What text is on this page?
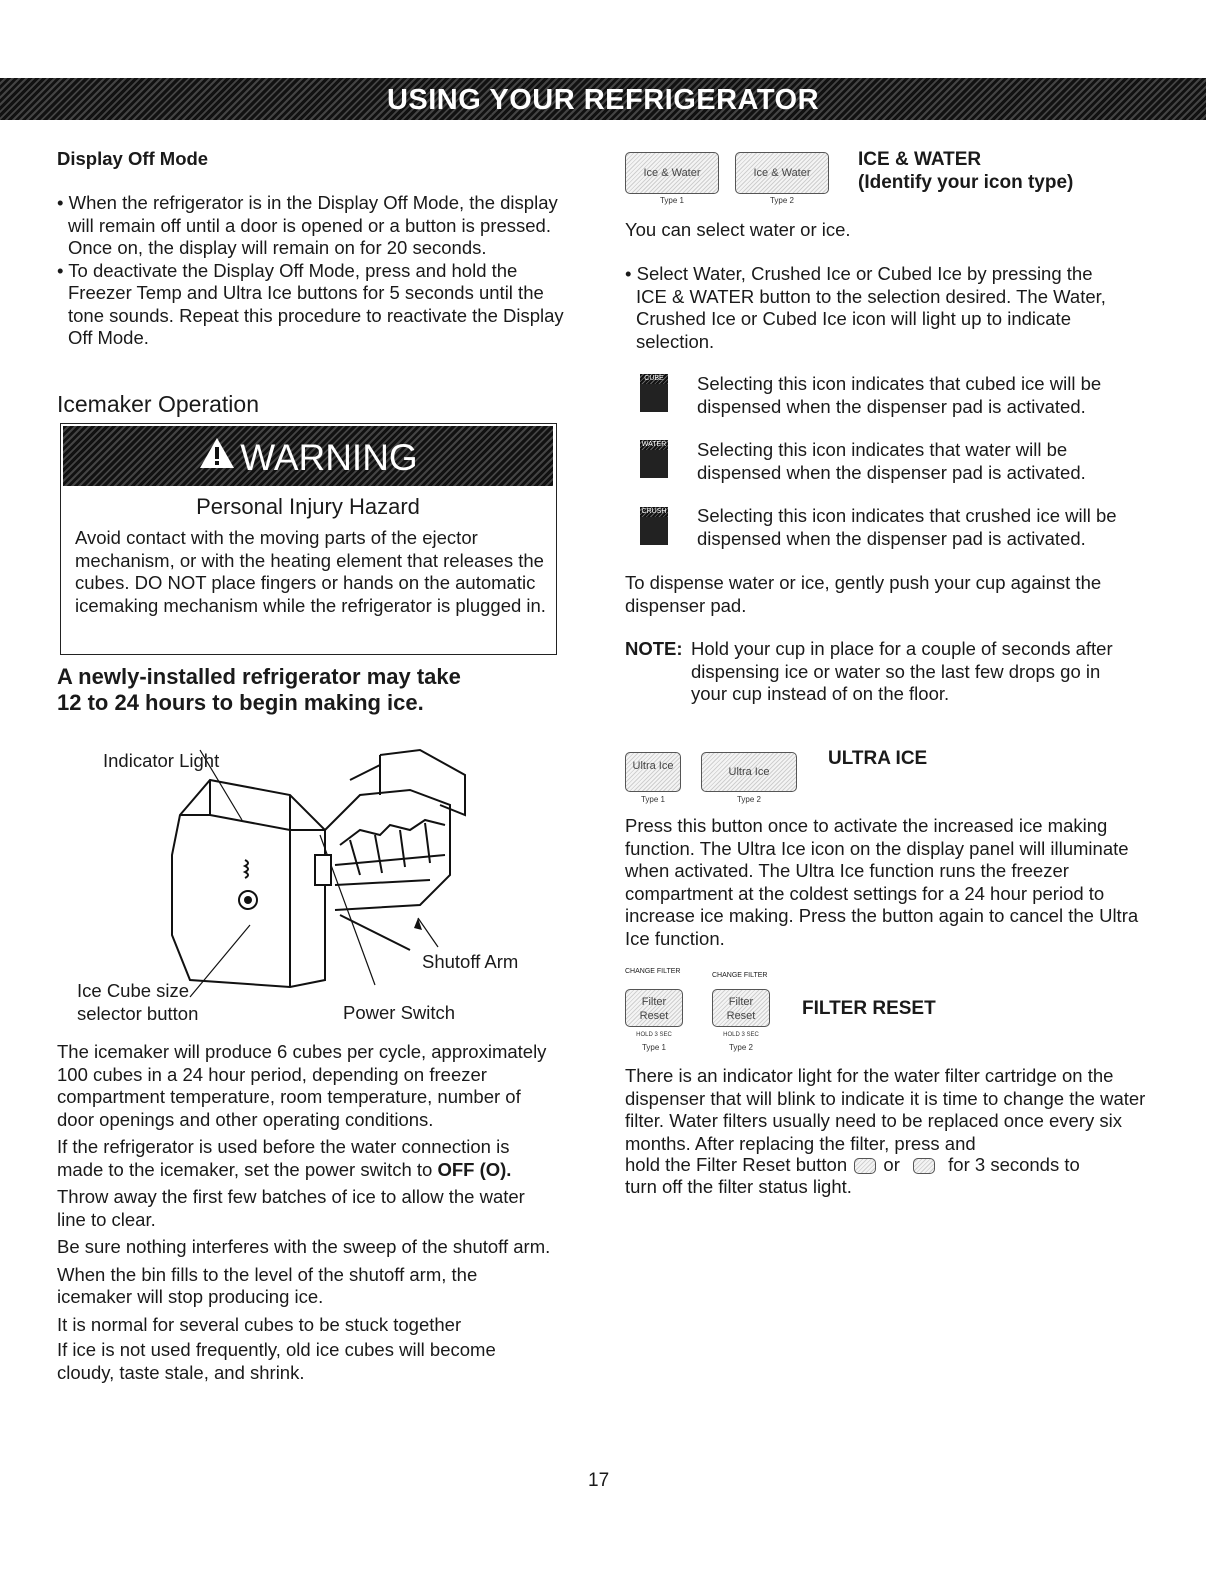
USING YOUR REFRIGERATOR
Display Off Mode
• When the refrigerator is in the Display Off Mode, the display will remain off until a door is opened or a button is pressed. Once on, the display will remain on for 20 seconds.
• To deactivate the Display Off Mode, press and hold the Freezer Temp and Ultra Ice buttons for 5 seconds until the tone sounds. Repeat this procedure to reactivate the Display Off Mode.
Icemaker Operation
WARNING
Personal Injury Hazard
Avoid contact with the moving parts of the ejector mechanism, or with the heating element that releases the cubes. DO NOT place fingers or hands on the automatic icemaking mechanism while the refrigerator is plugged in.
A newly-installed refrigerator may take
12 to 24 hours to begin making ice.
Indicator Light
Shutoff Arm
Ice Cube size
selector button	Power Switch
The icemaker will produce 6 cubes per cycle, approximately 100 cubes in a 24 hour period, depending on freezer compartment temperature, room temperature, number of door openings and other operating conditions.
If the refrigerator is used before the water connection is made to the icemaker, set the power switch to OFF (O).
Throw away the first few batches of ice to allow the water line to clear.
Be sure nothing interferes with the sweep of the shutoff arm.
When the bin fills to the level of the shutoff arm, the icemaker will stop producing ice.
It is normal for several cubes to be stuck together
If ice is not used frequently, old ice cubes will become cloudy, taste stale, and shrink.
Ice & Water	Ice & Water
Type 1	Type 2
ICE & WATER
(Identify your icon type)
You can select water or ice.
• Select Water, Crushed Ice or Cubed Ice by pressing the ICE & WATER button to the selection desired. The Water, Crushed Ice or Cubed Ice icon will light up to indicate selection.
CUBE Selecting this icon indicates that cubed ice will be dispensed when the dispenser pad is activated.
WATER Selecting this icon indicates that water will be dispensed when the dispenser pad is activated.
CRUSH Selecting this icon indicates that crushed ice will be dispensed when the dispenser pad is activated.
To dispense water or ice, gently push your cup against the dispenser pad.
NOTE: Hold your cup in place for a couple of seconds after dispensing ice or water so the last few drops go in your cup instead of on the floor.
Ultra Ice	Ultra Ice
Type 1	Type 2
ULTRA ICE
Press this button once to activate the increased ice making function. The Ultra Ice icon on the display panel will illuminate when activated. The Ultra Ice function runs the freezer compartment at the coldest settings for a 24 hour period to increase ice making. Press the button again to cancel the Ultra Ice function.
CHANGE FILTER
CHANGE FILTER
Filter Reset
Filter Reset
HOLD 3 SEC	HOLD 3 SEC
Type 1	Type 2
FILTER RESET
There is an indicator light for the water filter cartridge on the dispenser that will blink to indicate it is time to change the water filter. Water filters usually need to be replaced once every six months. After replacing the filter, press and
hold the Filter Reset button or	for 3 seconds to
turn off the filter status light.
17
